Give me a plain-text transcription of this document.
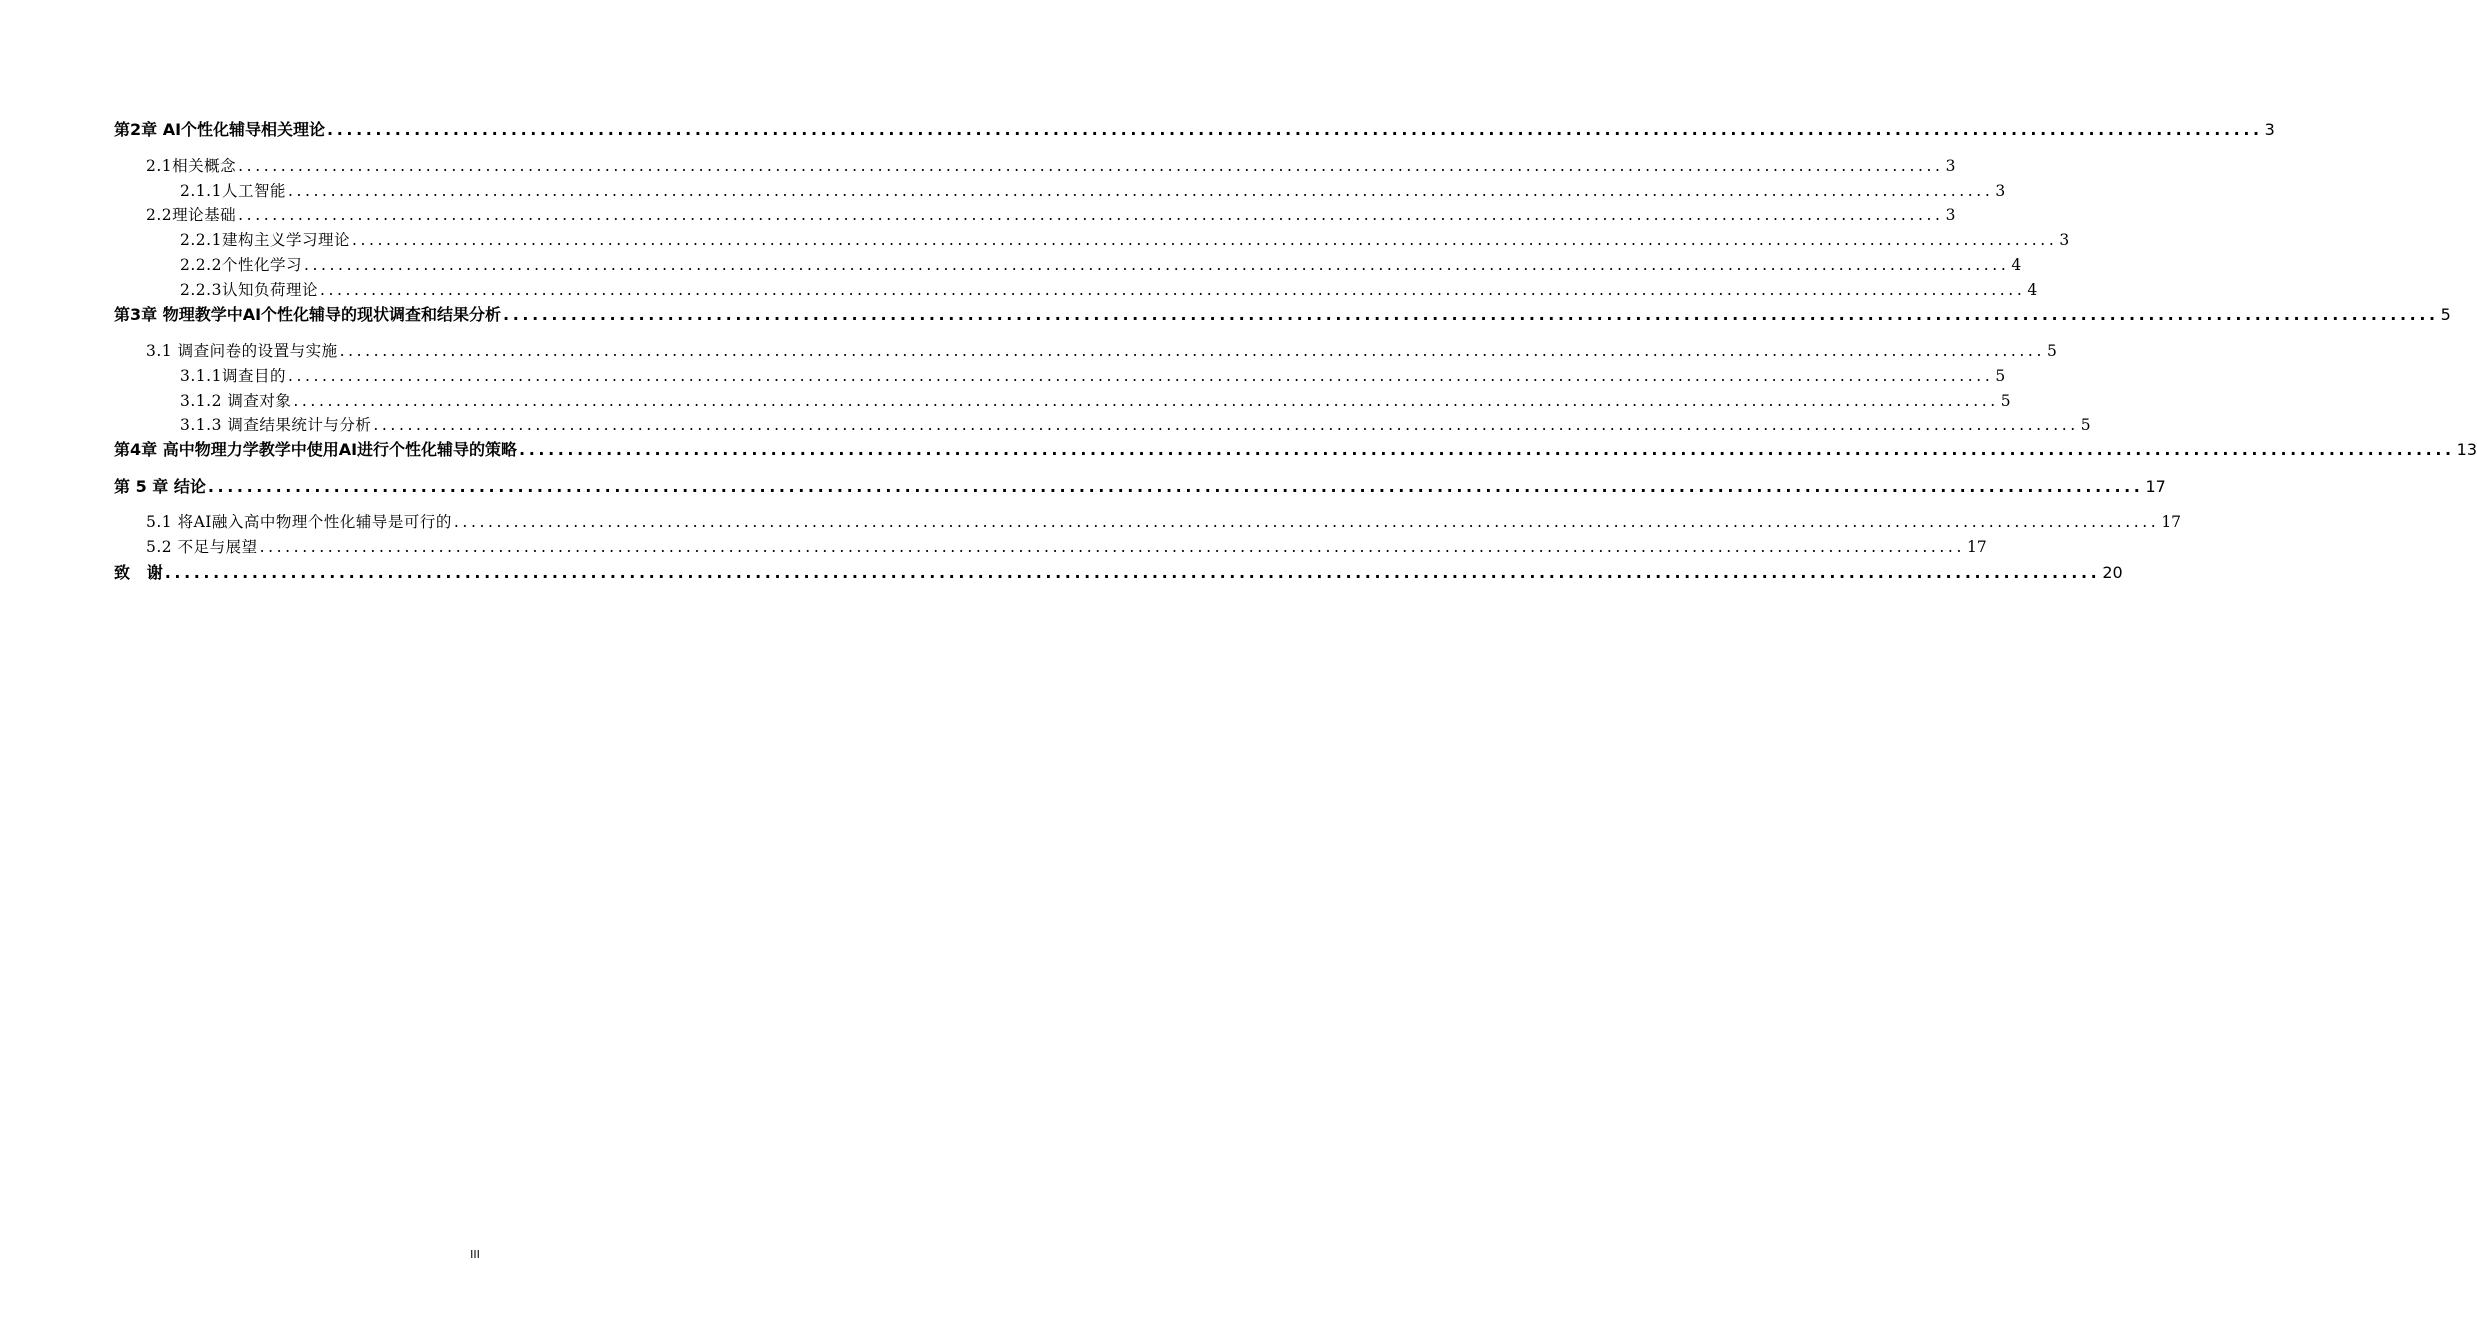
第2章 AI个性化辅导相关理论 ........................................................................................................................................................................................................ 3
2.1相关概念 ........................................................................................................................................................................................................ 3
2.1.1人工智能 ........................................................................................................................................................................................................ 3
2.2理论基础 ........................................................................................................................................................................................................ 3
2.2.1建构主义学习理论 ........................................................................................................................................................................................................ 3
2.2.2个性化学习 ........................................................................................................................................................................................................ 4
2.2.3认知负荷理论 ........................................................................................................................................................................................................ 4
第3章 物理教学中AI个性化辅导的现状调查和结果分析 ........................................................................................................................................................................................................ 5
3.1 调查问卷的设置与实施 ........................................................................................................................................................................................................ 5
3.1.1调查目的 ........................................................................................................................................................................................................ 5
3.1.2 调查对象 ........................................................................................................................................................................................................ 5
3.1.3 调查结果统计与分析 ........................................................................................................................................................................................................ 5
第4章 高中物理力学教学中使用AI进行个性化辅导的策略 ........................................................................................................................................................................................................ 13
第 5 章 结论 ........................................................................................................................................................................................................ 17
5.1 将AI融入高中物理个性化辅导是可行的 ........................................................................................................................................................................................................ 17
5.2 不足与展望 ........................................................................................................................................................................................................ 17
致   谢 ........................................................................................................................................................................................................ 20
III
